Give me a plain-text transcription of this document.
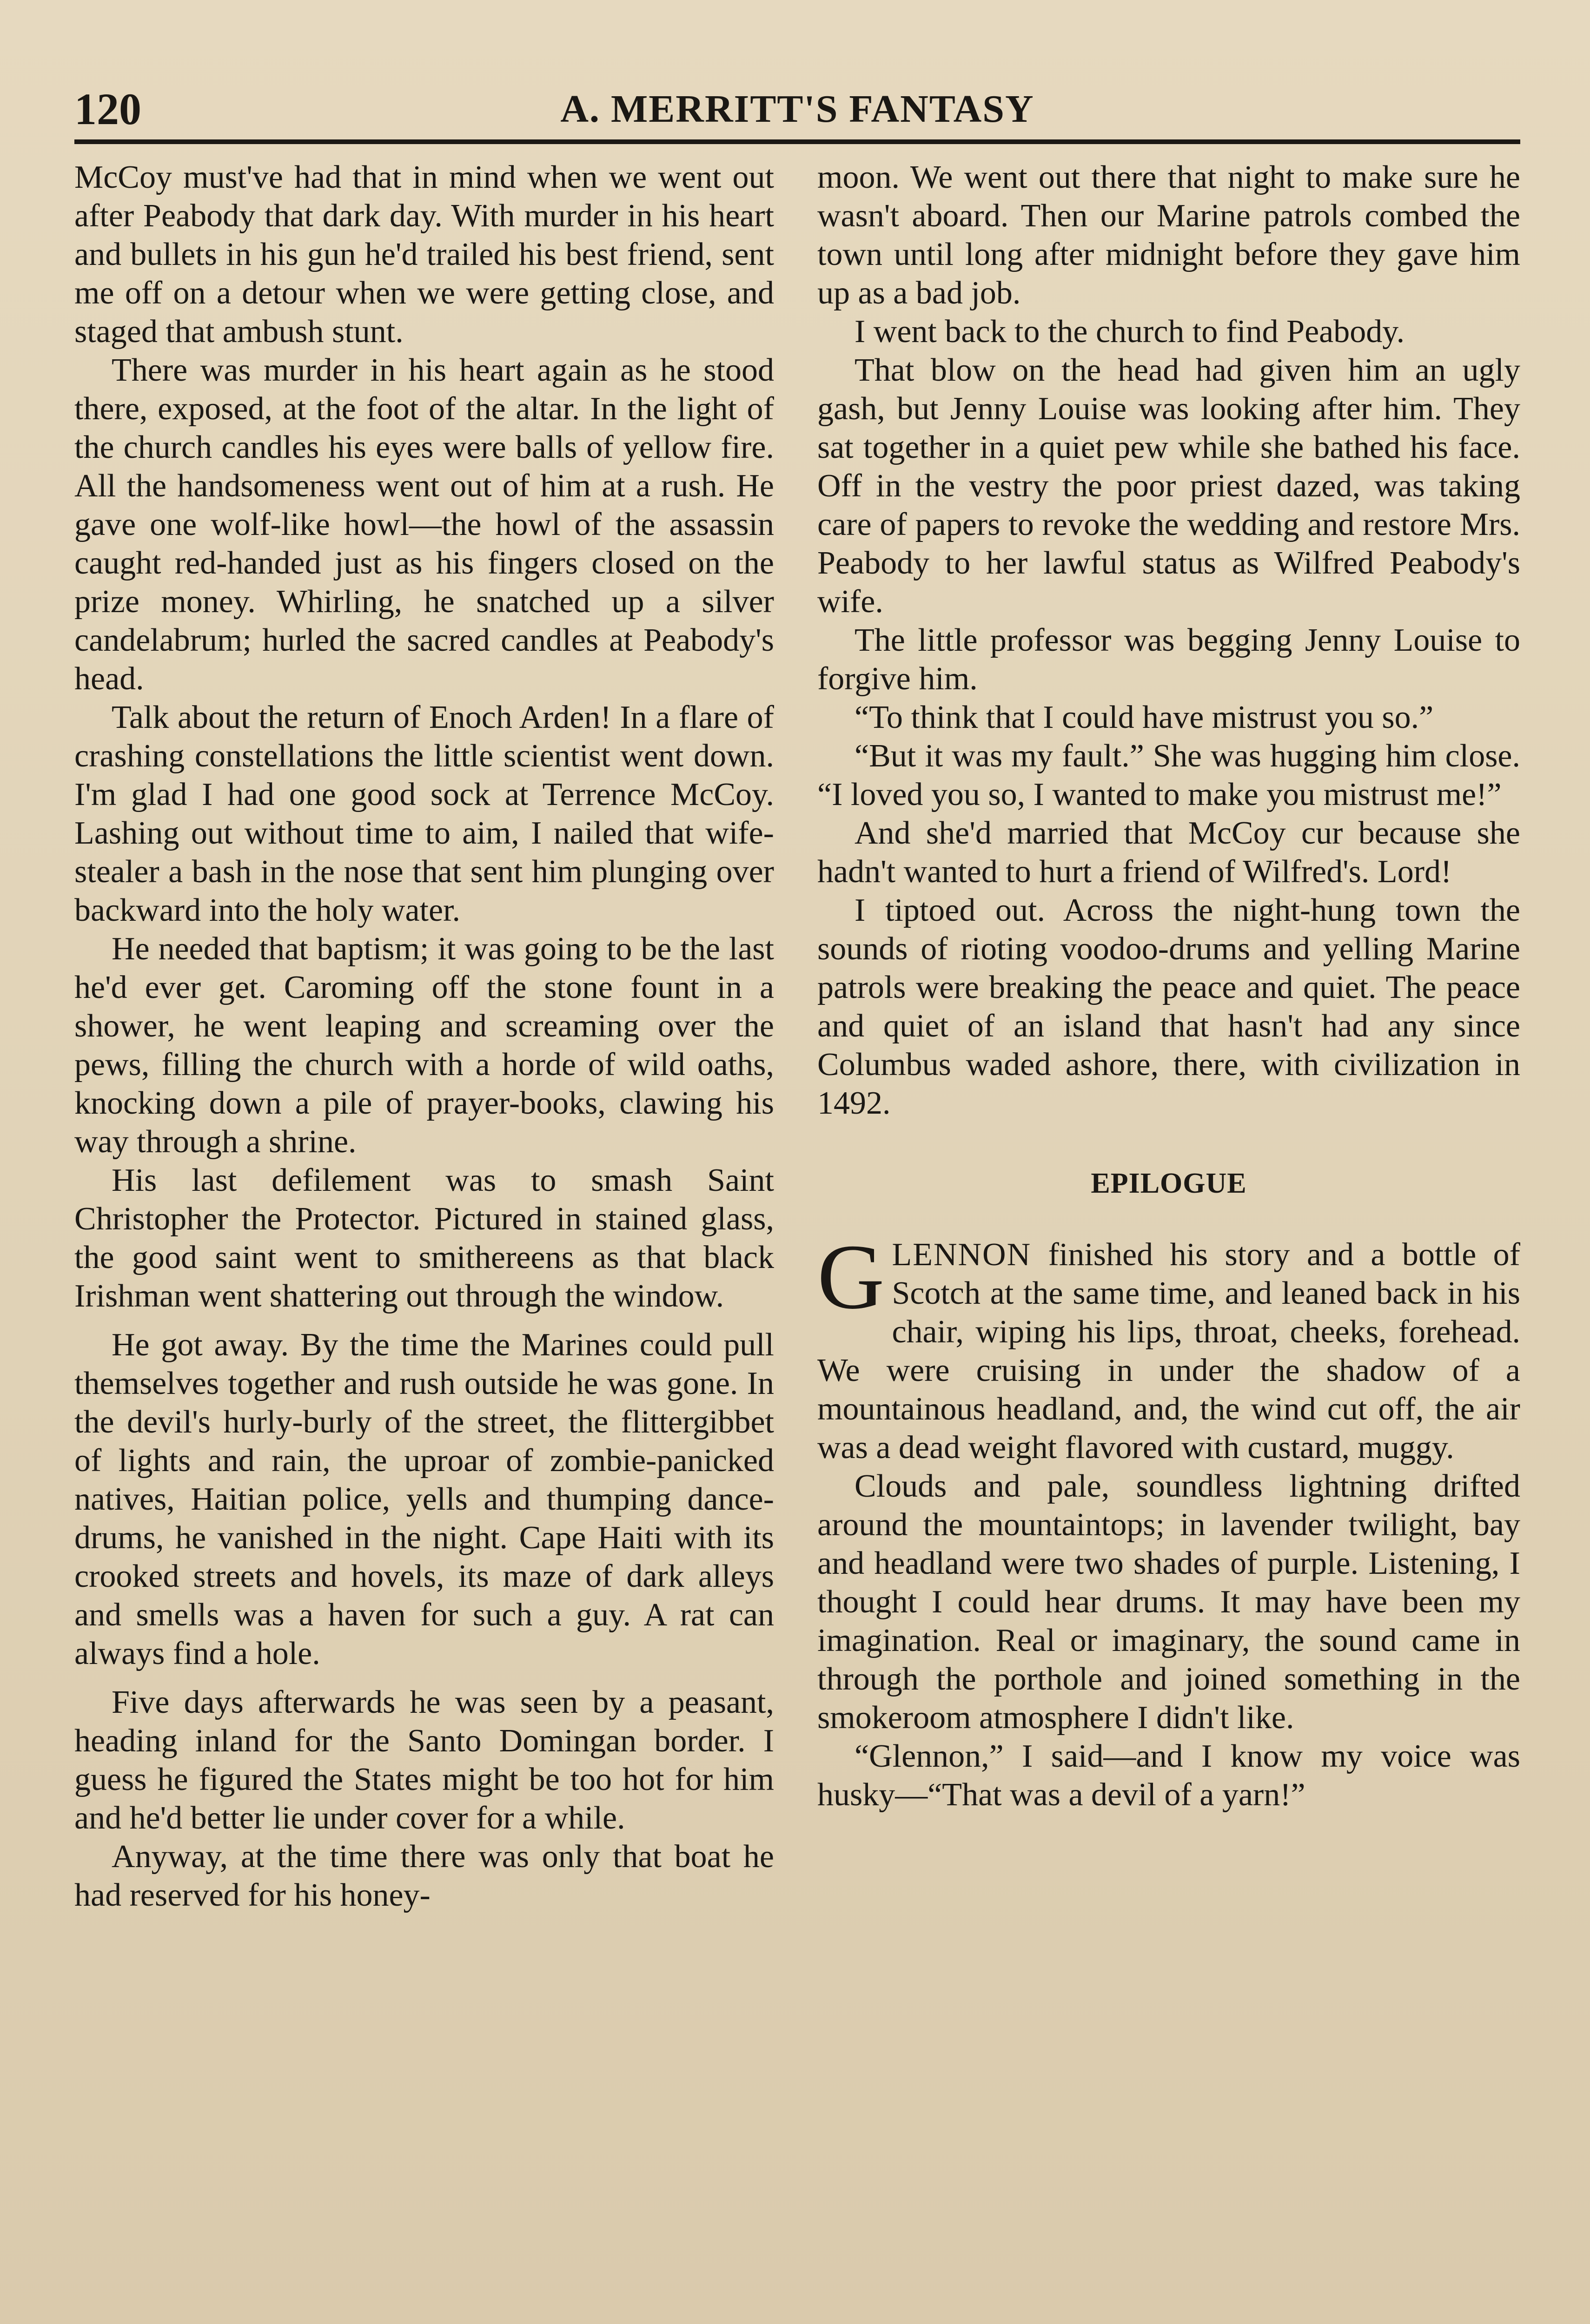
120	A. MERRITT'S FANTASY

McCoy must've had that in mind when we went out after Peabody that dark day. With murder in his heart and bullets in his gun he'd trailed his best friend, sent me off on a detour when we were getting close, and staged that ambush stunt.

There was murder in his heart again as he stood there, exposed, at the foot of the altar. In the light of the church candles his eyes were balls of yellow fire. All the handsomeness went out of him at a rush. He gave one wolf-like howl—the howl of the assassin caught red-handed just as his fingers closed on the prize money. Whirling, he snatched up a silver candelabrum; hurled the sacred candles at Peabody's head.

Talk about the return of Enoch Arden! In a flare of crashing constellations the little scientist went down. I'm glad I had one good sock at Terrence McCoy. Lashing out without time to aim, I nailed that wife-stealer a bash in the nose that sent him plunging over backward into the holy water.

He needed that baptism; it was going to be the last he'd ever get. Caroming off the stone fount in a shower, he went leaping and screaming over the pews, filling the church with a horde of wild oaths, knocking down a pile of prayer-books, clawing his way through a shrine.

His last defilement was to smash Saint Christopher the Protector. Pictured in stained glass, the good saint went to smithereens as that black Irishman went shattering out through the window.

He got away. By the time the Marines could pull themselves together and rush outside he was gone. In the devil's hurly-burly of the street, the flittergibbet of lights and rain, the uproar of zombie-panicked natives, Haitian police, yells and thumping dance-drums, he vanished in the night. Cape Haiti with its crooked streets and hovels, its maze of dark alleys and smells was a haven for such a guy. A rat can always find a hole.

Five days afterwards he was seen by a peasant, heading inland for the Santo Domingan border. I guess he figured the States might be too hot for him and he'd better lie under cover for a while.

Anyway, at the time there was only that boat he had reserved for his honey-

moon. We went out there that night to make sure he wasn't aboard. Then our Marine patrols combed the town until long after midnight before they gave him up as a bad job.

I went back to the church to find Peabody.

That blow on the head had given him an ugly gash, but Jenny Louise was looking after him. They sat together in a quiet pew while she bathed his face. Off in the vestry the poor priest dazed, was taking care of papers to revoke the wedding and restore Mrs. Peabody to her lawful status as Wilfred Peabody's wife.

The little professor was begging Jenny Louise to forgive him.

“To think that I could have mistrust you so.”

“But it was my fault.” She was hugging him close. “I loved you so, I wanted to make you mistrust me!”

And she'd married that McCoy cur because she hadn't wanted to hurt a friend of Wilfred's. Lord!

I tiptoed out. Across the night-hung town the sounds of rioting voodoo-drums and yelling Marine patrols were breaking the peace and quiet. The peace and quiet of an island that hasn't had any since Columbus waded ashore, there, with civilization in 1492.

EPILOGUE

GLENNON finished his story and a bottle of Scotch at the same time, and leaned back in his chair, wiping his lips, throat, cheeks, forehead. We were cruising in under the shadow of a mountainous headland, and, the wind cut off, the air was a dead weight flavored with custard, muggy.

Clouds and pale, soundless lightning drifted around the mountaintops; in lavender twilight, bay and headland were two shades of purple. Listening, I thought I could hear drums. It may have been my imagination. Real or imaginary, the sound came in through the porthole and joined something in the smokeroom atmosphere I didn't like.

“Glennon,” I said—and I know my voice was husky—“That was a devil of a yarn!”
